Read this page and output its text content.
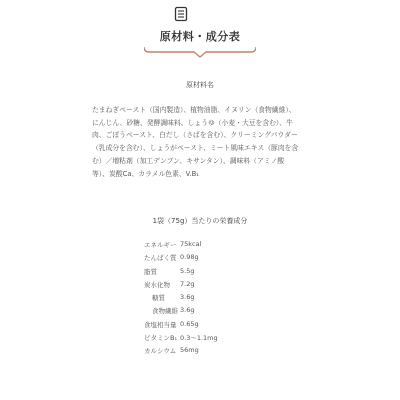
原材料・成分表
原材料名
たまねぎペースト（国内製造）、植物油脂、イヌリン（食物繊維）、
にんじん、砂糖、発酵調味料、しょうゆ（小麦・大豆を含む）、牛
肉、ごぼうペースト、白だし（さばを含む）、クリーミングパウダー
（乳成分を含む）、しょうがペースト、ミート風味エキス（豚肉を含
む）／増粘剤（加工デンプン、キサンタン）、調味料（アミノ酸
等）、炭酸Ca、カラメル色素、V.B₁
1袋（75g）当たりの栄養成分
エネルギー 75kcal
たんぱく質 0.98g
脂質	5.5g
炭水化物 7.2g
糖質 3.6g
食物繊維 3.6g
食塩相当量 0.65g
ビタミンB₁ 0.3〜1.1mg
カルシウム 56mg
